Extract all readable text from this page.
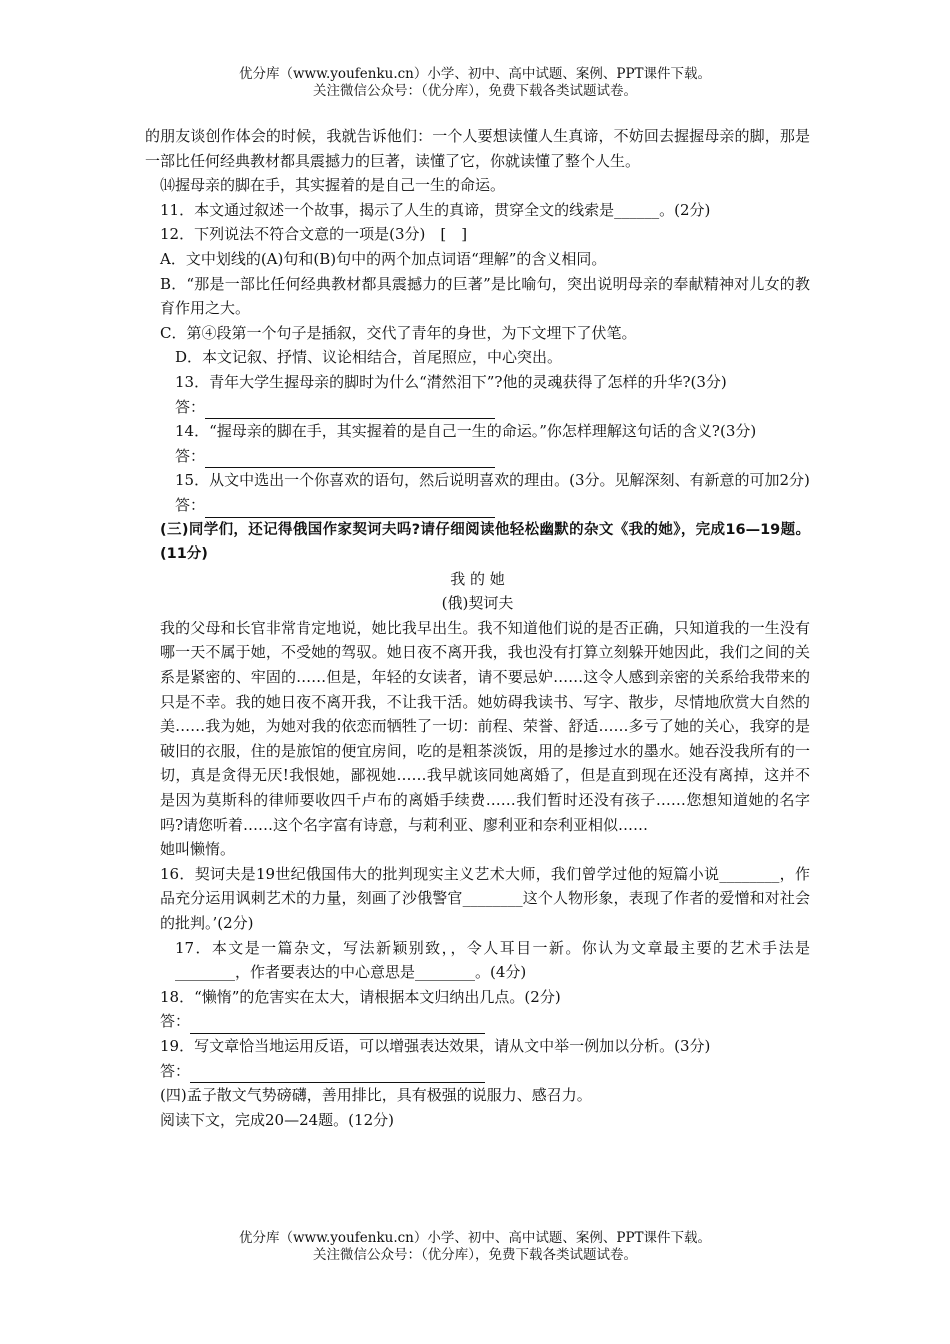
优分库（www.youfenku.cn）小学、初中、高中试题、案例、PPT课件下载。
关注微信公众号：（优分库），免费下载各类试题试卷。

的朋友谈创作体会的时候，我就告诉他们：一个人要想读懂人生真谛，不妨回去握握母亲的脚，那是一部比任何经典教材都具震撼力的巨著，读懂了它，你就读懂了整个人生。

⒁握母亲的脚在手，其实握着的是自己一生的命运。

11．本文通过叙述一个故事，揭示了人生的真谛，贯穿全文的线索是______。(2分)

12．下列说法不符合文意的一项是(3分)　[　]

A．文中划线的(A)句和(B)句中的两个加点词语“理解”的含义相同。

B．“那是一部比任何经典教材都具震撼力的巨著”是比喻句，突出说明母亲的奉献精神对儿女的教育作用之大。

C．第④段第一个句子是插叙，交代了青年的身世，为下文埋下了伏笔。

D．本文记叙、抒情、议论相结合，首尾照应，中心突出。

13．青年大学生握母亲的脚时为什么“潸然泪下”?他的灵魂获得了怎样的升华?(3分)

答：

14．“握母亲的脚在手，其实握着的是自己一生的命运。”你怎样理解这句话的含义?(3分)

答：

15．从文中选出一个你喜欢的语句，然后说明喜欢的理由。(3分。见解深刻、有新意的可加2分)

答：

(三)同学们，还记得俄国作家契诃夫吗?请仔细阅读他轻松幽默的杂文《我的她》，完成16—19题。(11分)

我 的 她

(俄)契诃夫

我的父母和长官非常肯定地说，她比我早出生。我不知道他们说的是否正确，只知道我的一生没有哪一天不属于她，不受她的驾驭。她日夜不离开我，我也没有打算立刻躲开她因此，我们之间的关系是紧密的、牢固的……但是，年轻的女读者，请不要忌妒……这令人感到亲密的关系给我带来的只是不幸。我的她日夜不离开我，不让我干活。她妨碍我读书、写字、散步，尽情地欣赏大自然的美……我为她，为她对我的依恋而牺牲了一切：前程、荣誉、舒适……多亏了她的关心，我穿的是破旧的衣服，住的是旅馆的便宜房间，吃的是粗茶淡饭，用的是掺过水的墨水。她吞没我所有的一切，真是贪得无厌!我恨她，鄙视她……我早就该同她离婚了，但是直到现在还没有离掉，这并不是因为莫斯科的律师要收四千卢布的离婚手续费……我们暂时还没有孩子……您想知道她的名字吗?请您听着……这个名字富有诗意，与莉利亚、廖利亚和奈利亚相似……

她叫懒惰。

16．契诃夫是19世纪俄国伟大的批判现实主义艺术大师，我们曾学过他的短篇小说________，作品充分运用讽刺艺术的力量，刻画了沙俄警官________这个人物形象，表现了作者的爱憎和对社会的批判。’(2分)

17．本文是一篇杂文，写法新颖别致，，令人耳目一新。你认为文章最主要的艺术手法是________，作者要表达的中心意思是________。(4分)

18．“懒惰”的危害实在太大，请根据本文归纳出几点。(2分)

答：

19．写文章恰当地运用反语，可以增强表达效果，请从文中举一例加以分析。(3分)

答：

(四)孟子散文气势磅礴，善用排比，具有极强的说服力、感召力。

阅读下文，完成20—24题。(12分)

优分库（www.youfenku.cn）小学、初中、高中试题、案例、PPT课件下载。
关注微信公众号：（优分库），免费下载各类试题试卷。
